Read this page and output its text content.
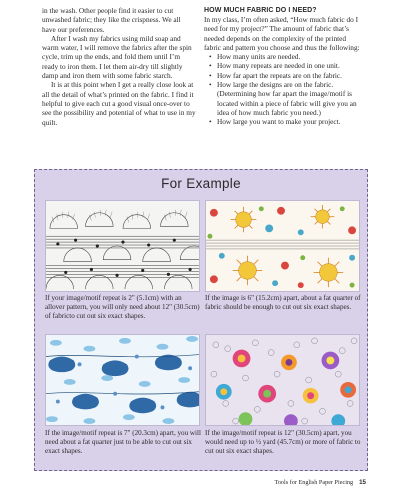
in the wash. Other people find it easier to cut unwashed fabric; they like the crispness. We all have our preferences.

After I wash my fabrics using mild soap and warm water, I will remove the fabrics after the spin cycle, trim up the ends, and fold them until I’m ready to iron them. I let them air-dry till slightly damp and iron them with some fabric starch.

It is at this point when I get a really close look at all the detail of what’s printed on the fabric. I find it helpful to give each cut a good visual once-over to see the possibility and potential of what to use in my quilt.

HOW MUCH FABRIC DO I NEED?

In my class, I’m often asked, “How much fabric do I need for my project?” The amount of fabric that’s needed depends on the complexity of the printed fabric and pattern you choose and thus the following:

• How many units are needed.
• How many repeats are needed in one unit.
• How far apart the repeats are on the fabric.
• How large the designs are on the fabric. (Determining how far apart the image/motif is located within a piece of fabric will give you an idea of how much fabric you need.)
• How large you want to make your project.
For Example
If your image/motif repeat is 2" (5.1cm) with an allover pattern, you will only need about 12" (30.5cm) of fabricto cut out six exact shapes.
If the image is 6" (15.2cm) apart, about a fat quarter of fabric should be enough to cut out six exact shapes.
If the image/motif repeat is 7" (20.3cm) apart, you will need about a fat quarter just to be able to cut out six exact shapes.
If the image/motif repeat is 12" (30.5cm) apart, you would need up to ½ yard (45.7cm) or more of fabric to cut out six exact shapes.
Tools for English Paper Piecing 15
